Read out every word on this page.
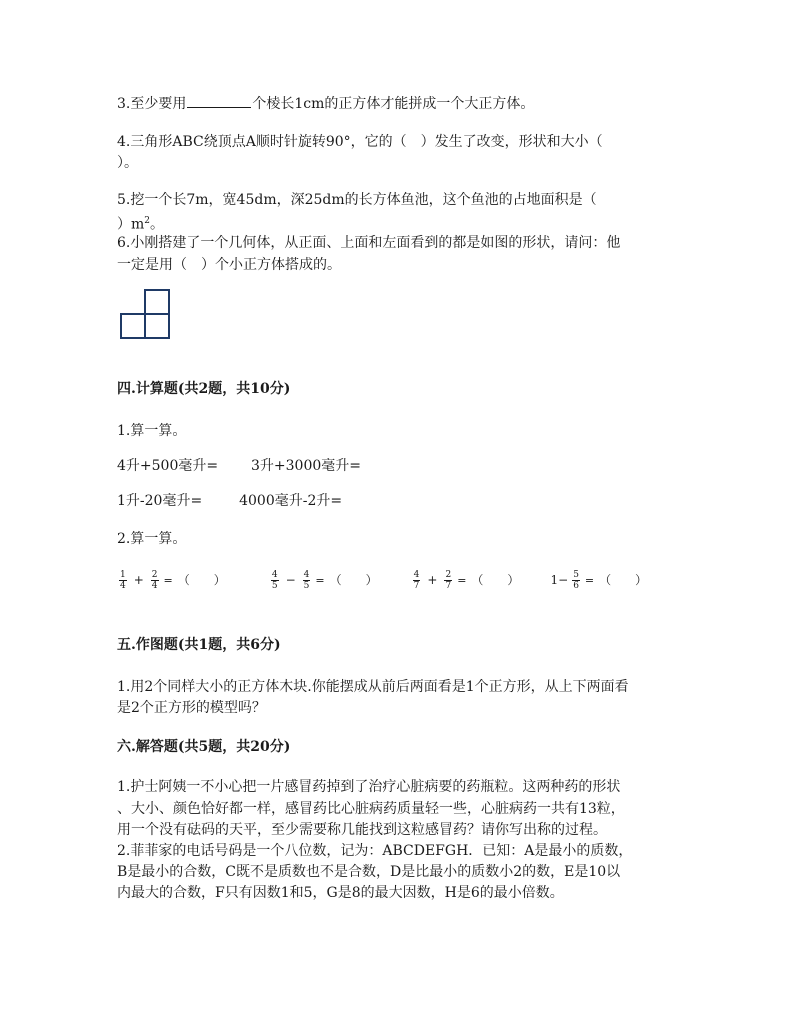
3.至少要用	个棱长1cm的正方体才能拼成一个大正方体。
4.三角形ABC绕顶点A顺时针旋转90°，它的（　）发生了改变，形状和大小（
）。
5.挖一个长7m，宽45dm，深25dm的长方体鱼池，这个鱼池的占地面积是（
）$m^2$。
6.小刚搭建了一个几何体，从正面、上面和左面看到的都是如图的形状，请问：他
一定是用（　）个小正方体搭成的。
四.计算题(共2题，共10分)
1.算一算。
4升+500毫升= 3升+3000毫升=
1升-20毫升=	4000毫升-2升=
2.算一算。
$\frac{1}{4} + \frac{2}{4}$ = （　　）	$\frac{4}{5} - \frac{4}{5}$ = （　　）	$\frac{4}{7} + \frac{2}{7}$ = （　　）	$1- \frac{5}{6}$ = （　　）
五.作图题(共1题，共6分)
1.用2个同样大小的正方体木块.你能摆成从前后两面看是1个正方形，从上下两面看
是2个正方形的模型吗？
六.解答题(共5题，共20分)
1.护士阿姨一不小心把一片感冒药掉到了治疗心脏病要的药瓶粒。这两种药的形状
、大小、颜色恰好都一样，感冒药比心脏病药质量轻一些，心脏病药一共有13粒，
用一个没有砝码的天平，至少需要称几能找到这粒感冒药？请你写出称的过程。
2.菲菲家的电话号码是一个八位数，记为：ABCDEFGH．已知：A是最小的质数，
B是最小的合数，C既不是质数也不是合数，D是比最小的质数小2的数，E是10以
内最大的合数，F只有因数1和5，G是8的最大因数，H是6的最小倍数。
